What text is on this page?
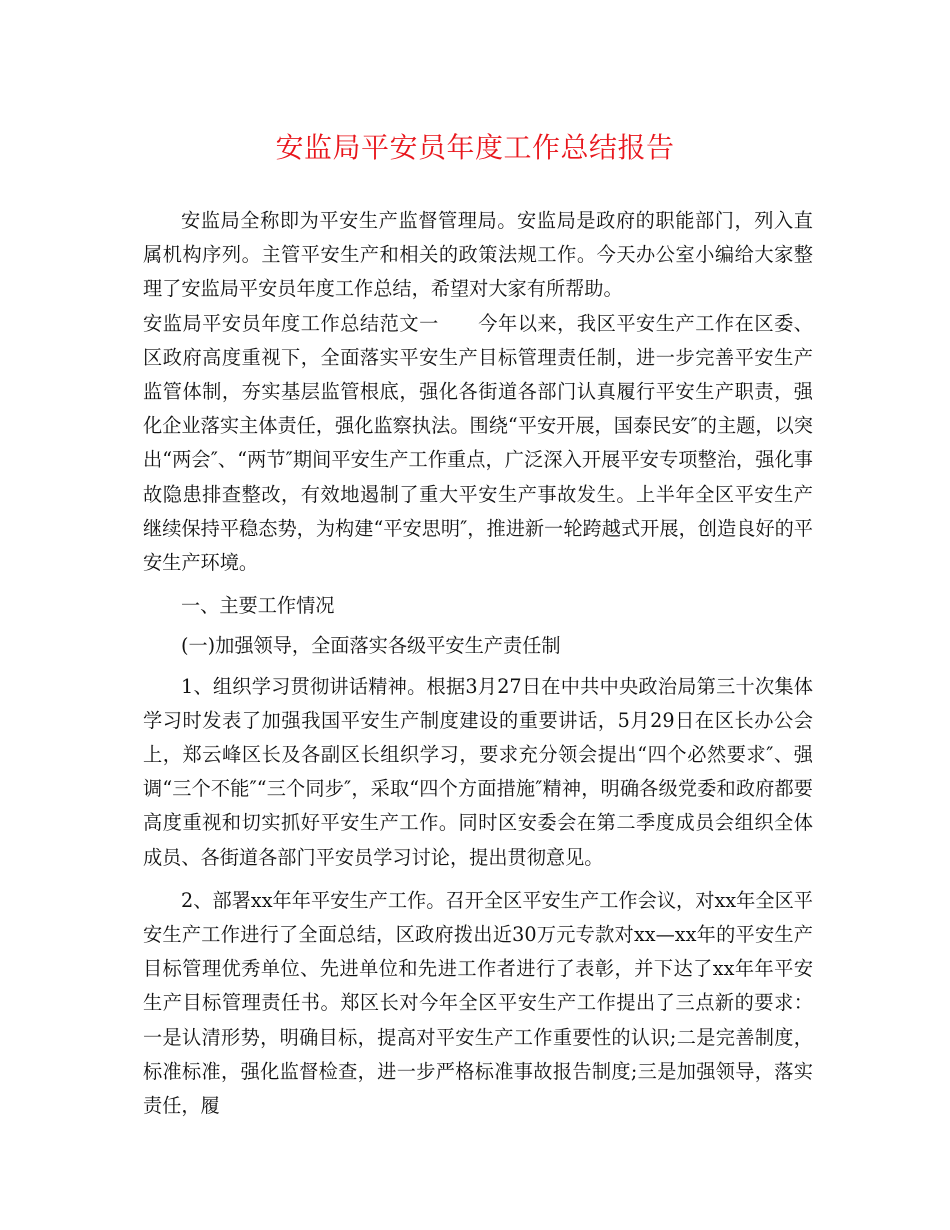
安监局平安员年度工作总结报告

安监局全称即为平安生产监督管理局。安监局是政府的职能部门，列入直属机构序列。主管平安生产和相关的政策法规工作。今天办公室小编给大家整理了安监局平安员年度工作总结，希望对大家有所帮助。

安监局平安员年度工作总结范文一　　今年以来，我区平安生产工作在区委、区政府高度重视下，全面落实平安生产目标管理责任制，进一步完善平安生产监管体制，夯实基层监管根底，强化各街道各部门认真履行平安生产职责，强化企业落实主体责任，强化监察执法。围绕“平安开展，国泰民安″的主题，以突出“两会″、“两节″期间平安生产工作重点，广泛深入开展平安专项整治，强化事故隐患排查整改，有效地遏制了重大平安生产事故发生。上半年全区平安生产继续保持平稳态势，为构建“平安思明″，推进新一轮跨越式开展，创造良好的平安生产环境。

一、主要工作情况

(一)加强领导，全面落实各级平安生产责任制

1、组织学习贯彻讲话精神。根据3月27日在中共中央政治局第三十次集体学习时发表了加强我国平安生产制度建设的重要讲话，5月29日在区长办公会上，郑云峰区长及各副区长组织学习，要求充分领会提出“四个必然要求″、强调“三个不能″“三个同步″，采取“四个方面措施″精神，明确各级党委和政府都要高度重视和切实抓好平安生产工作。同时区安委会在第二季度成员会组织全体成员、各街道各部门平安员学习讨论，提出贯彻意见。

2、部署xx年年平安生产工作。召开全区平安生产工作会议，对xx年全区平安生产工作进行了全面总结，区政府拨出近30万元专款对xx—xx年的平安生产目标管理优秀单位、先进单位和先进工作者进行了表彰，并下达了xx年年平安生产目标管理责任书。郑区长对今年全区平安生产工作提出了三点新的要求：一是认清形势，明确目标，提高对平安生产工作重要性的认识;二是完善制度，标准标准，强化监督检查，进一步严格标准事故报告制度;三是加强领导，落实责任，履
